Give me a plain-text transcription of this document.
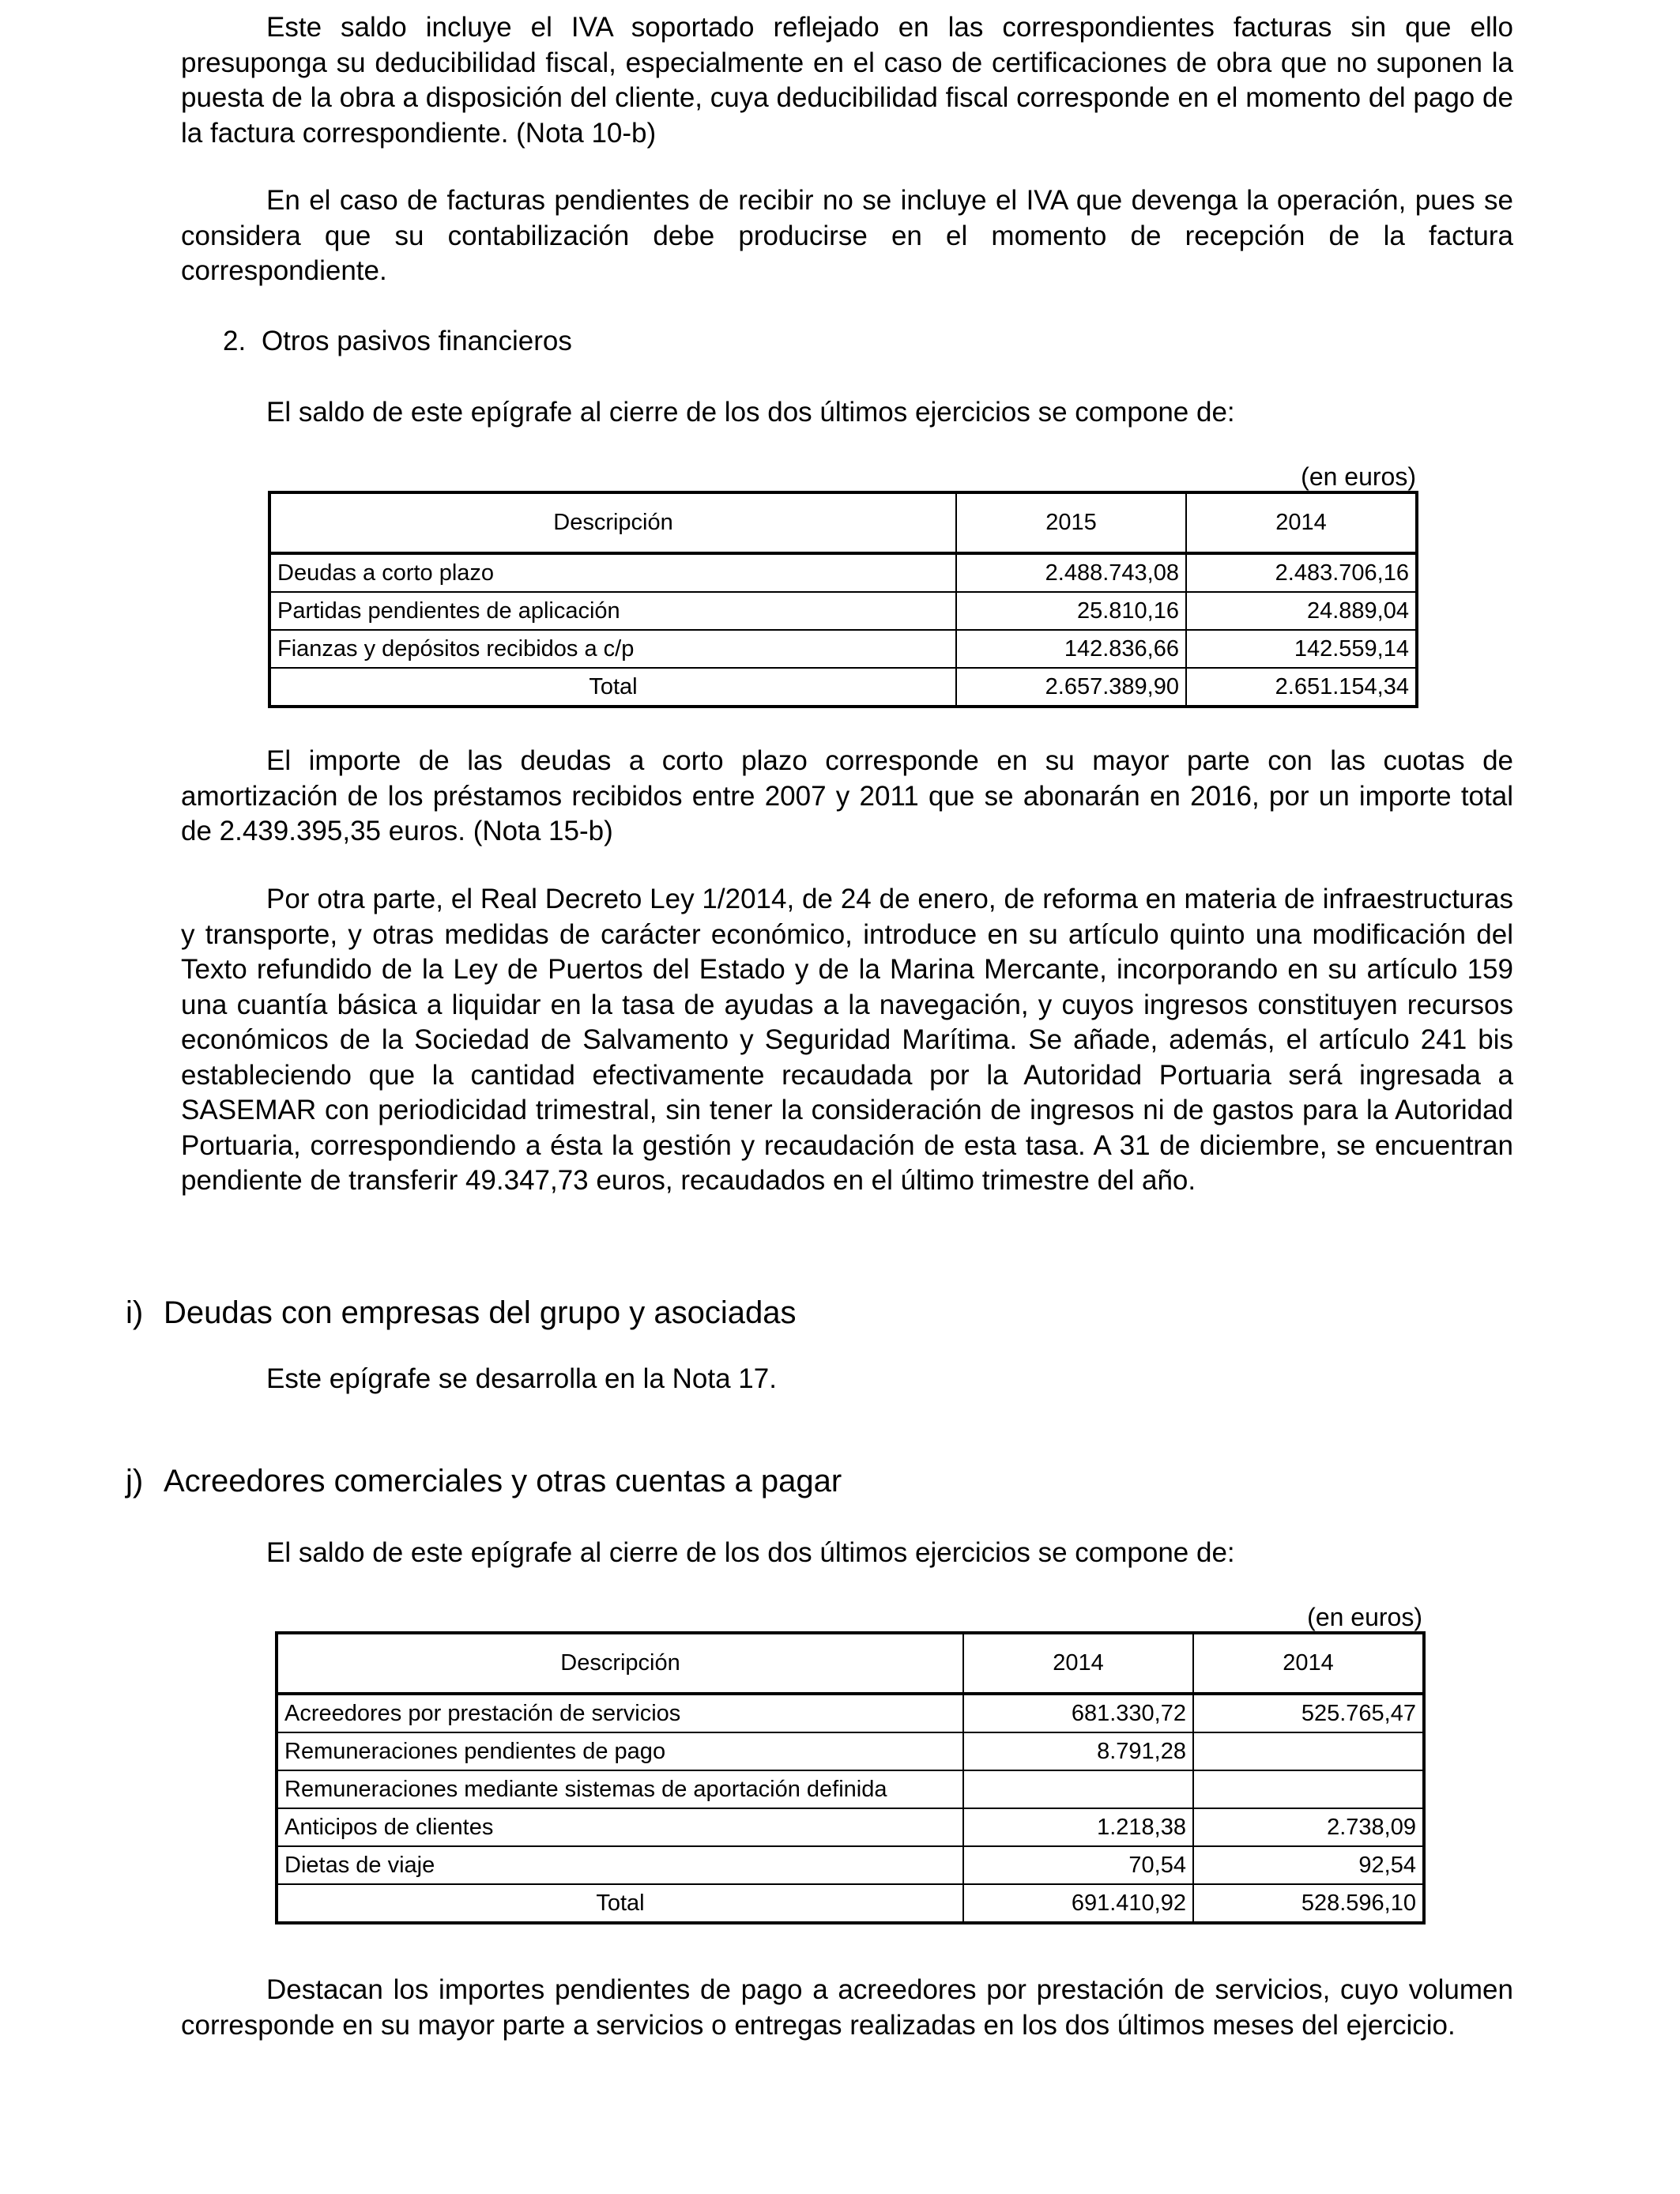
Este saldo incluye el IVA soportado reflejado en las correspondientes facturas sin que ello presuponga su deducibilidad fiscal, especialmente en el caso de certificaciones de obra que no suponen la puesta de la obra a disposición del cliente, cuya deducibilidad fiscal corresponde en el momento del pago de la factura correspondiente. (Nota 10-b)

En el caso de facturas pendientes de recibir no se incluye el IVA que devenga la operación, pues se considera que su contabilización debe producirse en el momento de recepción de la factura correspondiente.

2. Otros pasivos financieros
El saldo de este epígrafe al cierre de los dos últimos ejercicios se compone de:
(en euros)
Descripción	2015	2014
Deudas a corto plazo	2.488.743,08	2.483.706,16
Partidas pendientes de aplicación	25.810,16	24.889,04
Fianzas y depósitos recibidos a c/p	142.836,66	142.559,14
Total	2.657.389,90	2.651.154,34

El importe de las deudas a corto plazo corresponde en su mayor parte con las cuotas de amortización de los préstamos recibidos entre 2007 y 2011 que se abonarán en 2016, por un importe total de 2.439.395,35 euros. (Nota 15-b)

Por otra parte, el Real Decreto Ley 1/2014, de 24 de enero, de reforma en materia de infraestructuras y transporte, y otras medidas de carácter económico, introduce en su artículo quinto una modificación del Texto refundido de la Ley de Puertos del Estado y de la Marina Mercante, incorporando en su artículo 159 una cuantía básica a liquidar en la tasa de ayudas a la navegación, y cuyos ingresos constituyen recursos económicos de la Sociedad de Salvamento y Seguridad Marítima. Se añade, además, el artículo 241 bis estableciendo que la cantidad efectivamente recaudada por la Autoridad Portuaria será ingresada a SASEMAR con periodicidad trimestral, sin tener la consideración de ingresos ni de gastos para la Autoridad Portuaria, correspondiendo a ésta la gestión y recaudación de esta tasa. A 31 de diciembre, se encuentran pendiente de transferir 49.347,73 euros, recaudados en el último trimestre del año.

i) Deudas con empresas del grupo y asociadas
Este epígrafe se desarrolla en la Nota 17.
j) Acreedores comerciales y otras cuentas a pagar
El saldo de este epígrafe al cierre de los dos últimos ejercicios se compone de:
(en euros)
Descripción	2014	2014
Acreedores por prestación de servicios	681.330,72	525.765,47
Remuneraciones pendientes de pago	8.791,28	
Remuneraciones mediante sistemas de aportación definida		
Anticipos de clientes	1.218,38	2.738,09
Dietas de viaje	70,54	92,54
Total	691.410,92	528.596,10

Destacan los importes pendientes de pago a acreedores por prestación de servicios, cuyo volumen corresponde en su mayor parte a servicios o entregas realizadas en los dos últimos meses del ejercicio.
